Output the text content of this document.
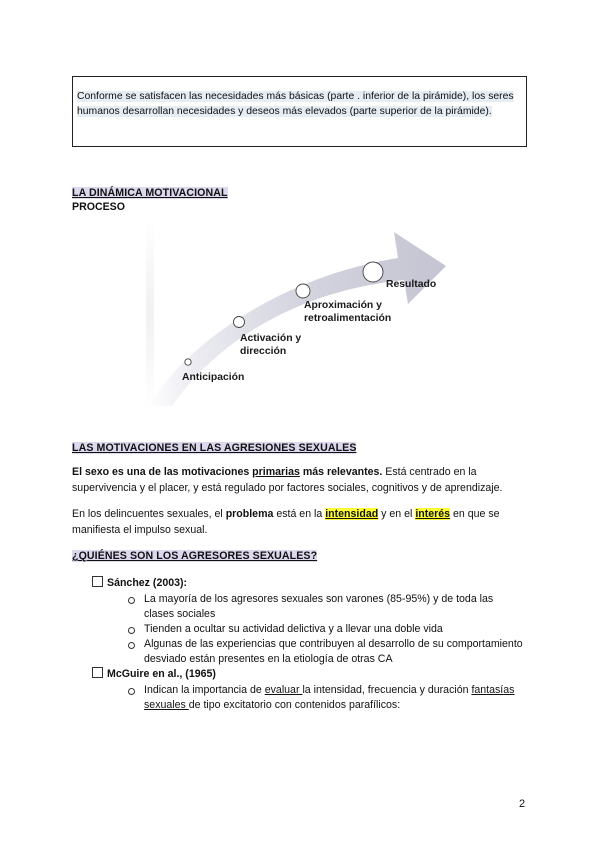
Conforme se satisfacen las necesidades más básicas (parte . inferior de la pirámide), los seres humanos desarrollan necesidades y deseos más elevados (parte superior de la pirámide).

LA DINÁMICA MOTIVACIONAL
PROCESO
Anticipación
Activación y
dirección
Aproximación y
retroalimentación
Resultado
LAS MOTIVACIONES EN LAS AGRESIONES SEXUALES

El sexo es una de las motivaciones primarias más relevantes. Está centrado en la supervivencia y el placer, y está regulado por factores sociales, cognitivos y de aprendizaje.

En los delincuentes sexuales, el problema está en la intensidad y en el interés en que se manifiesta el impulso sexual.

¿QUIÉNES SON LOS AGRESORES SEXUALES?
Sánchez (2003):
La mayoría de los agresores sexuales son varones (85-95%) y de toda las clases sociales
Tienden a ocultar su actividad delictiva y a llevar una doble vida
Algunas de las experiencias que contribuyen al desarrollo de su comportamiento desviado están presentes en la etiología de otras CA
McGuire en al., (1965)
Indican la importancia de evaluar la intensidad, frecuencia y duración fantasías sexuales de tipo excitatorio con contenidos parafílicos:
2
